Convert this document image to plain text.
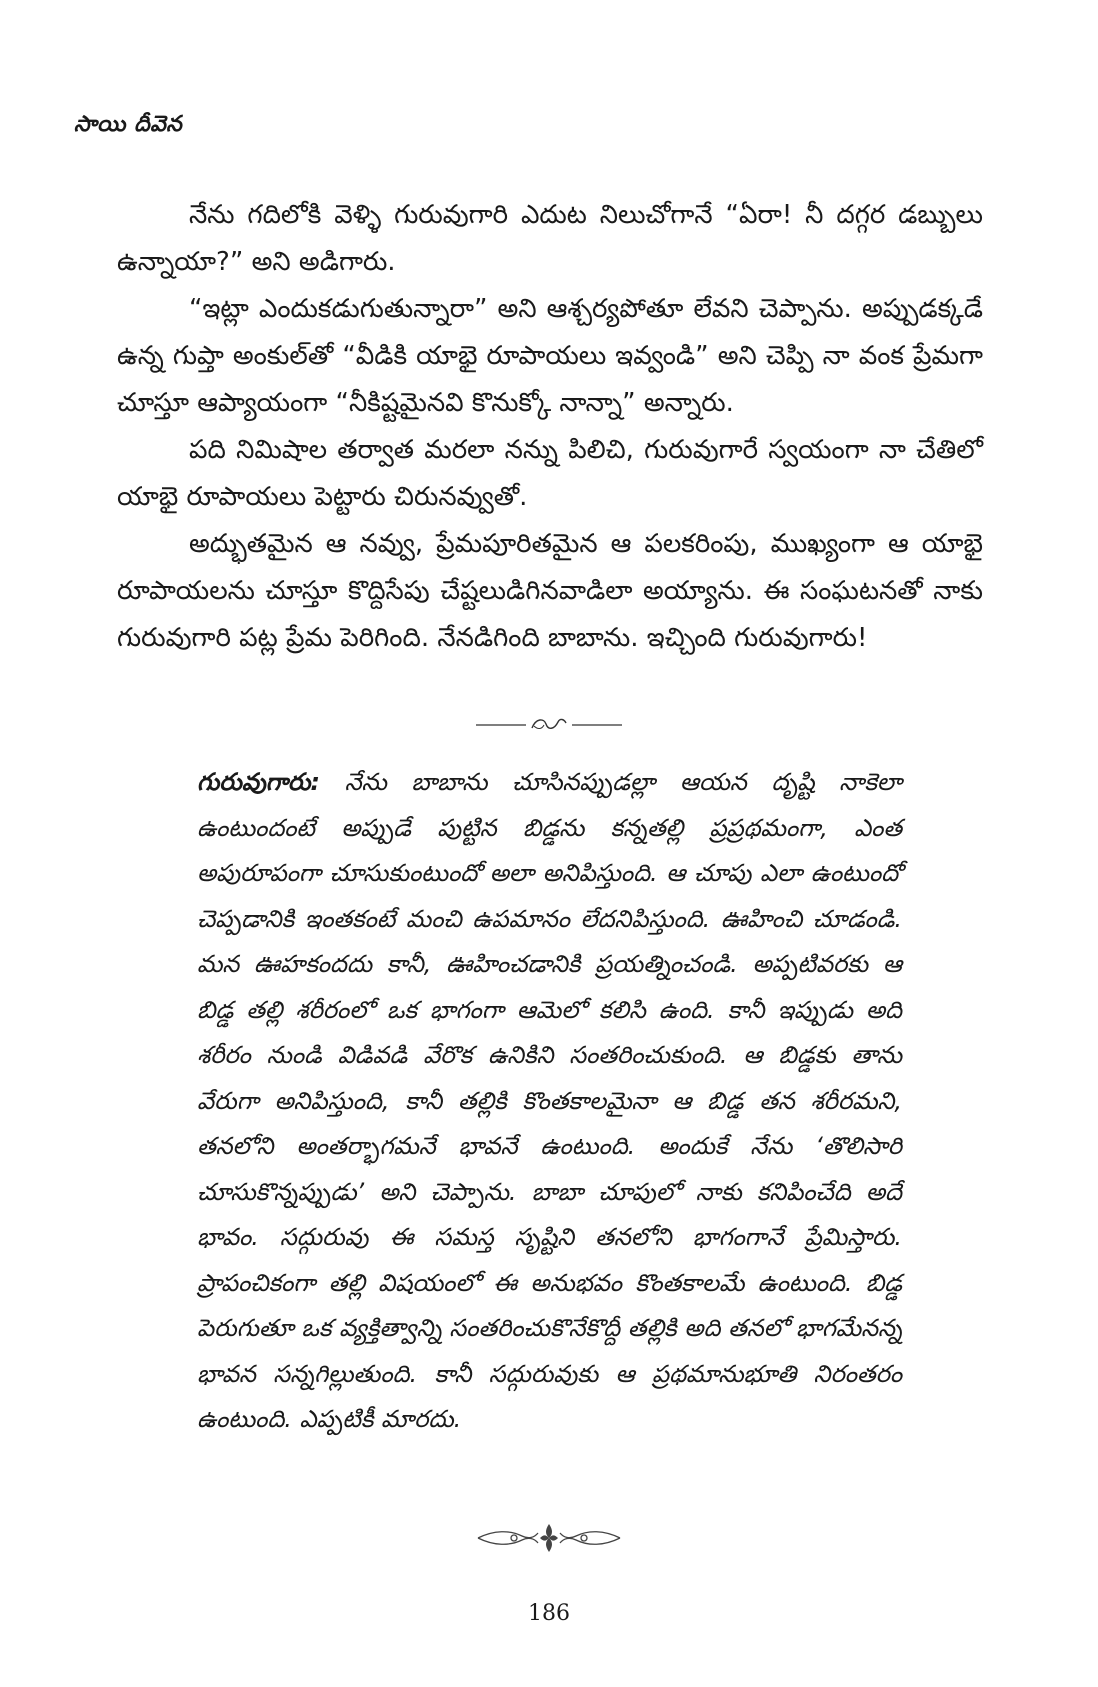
సాయి దీవెన

నేను గదిలోకి వెళ్ళి గురువుగారి ఎదుట నిలుచోగానే “ఏరా! నీ దగ్గర డబ్బులు ఉన్నాయా?” అని అడిగారు.

“ఇట్లా ఎందుకడుగుతున్నారా” అని ఆశ్చర్యపోతూ లేవని చెప్పాను. అప్పుడక్కడే ఉన్న గుప్తా అంకుల్‌తో “వీడికి యాభై రూపాయలు ఇవ్వండి” అని చెప్పి నా వంక ప్రేమగా చూస్తూ ఆప్యాయంగా “నీకిష్టమైనవి కొనుక్కో నాన్నా” అన్నారు.

పది నిమిషాల తర్వాత మరలా నన్ను పిలిచి, గురువుగారే స్వయంగా నా చేతిలో యాభై రూపాయలు పెట్టారు చిరునవ్వుతో.

అద్భుతమైన ఆ నవ్వు, ప్రేమపూరితమైన ఆ పలకరింపు, ముఖ్యంగా ఆ యాభై రూపాయలను చూస్తూ కొద్దిసేపు చేష్టలుడిగినవాడిలా అయ్యాను. ఈ సంఘటనతో నాకు గురువుగారి పట్ల ప్రేమ పెరిగింది. నేనడిగింది బాబాను. ఇచ్చింది గురువుగారు!

గురువుగారు: నేను బాబాను చూసినప్పుడల్లా ఆయన దృష్టి నాకెలా ఉంటుందంటే అప్పుడే పుట్టిన బిడ్డను కన్నతల్లి ప్రప్రథమంగా, ఎంత అపురూపంగా చూసుకుంటుందో అలా అనిపిస్తుంది. ఆ చూపు ఎలా ఉంటుందో చెప్పడానికి ఇంతకంటే మంచి ఉపమానం లేదనిపిస్తుంది. ఊహించి చూడండి. మన ఊహకందదు కానీ, ఊహించడానికి ప్రయత్నించండి. అప్పటివరకు ఆ బిడ్డ తల్లి శరీరంలో ఒక భాగంగా ఆమెలో కలిసి ఉంది. కానీ ఇప్పుడు అది శరీరం నుండి విడివడి వేరొక ఉనికిని సంతరించుకుంది. ఆ బిడ్డకు తాను వేరుగా అనిపిస్తుంది, కానీ తల్లికి కొంతకాలమైనా ఆ బిడ్డ తన శరీరమని, తనలోని అంతర్భాగమనే భావనే ఉంటుంది. అందుకే నేను ‘తొలిసారి చూసుకొన్నప్పుడు’ అని చెప్పాను. బాబా చూపులో నాకు కనిపించేది అదే భావం. సద్గురువు ఈ సమస్త సృష్టిని తనలోని భాగంగానే ప్రేమిస్తారు. ప్రాపంచికంగా తల్లి విషయంలో ఈ అనుభవం కొంతకాలమే ఉంటుంది. బిడ్డ పెరుగుతూ ఒక వ్యక్తిత్వాన్ని సంతరించుకొనేకొద్దీ తల్లికి అది తనలో భాగమేనన్న భావన సన్నగిల్లుతుంది. కానీ సద్గురువుకు ఆ ప్రథమానుభూతి నిరంతరం ఉంటుంది. ఎప్పటికీ మారదు.

186
